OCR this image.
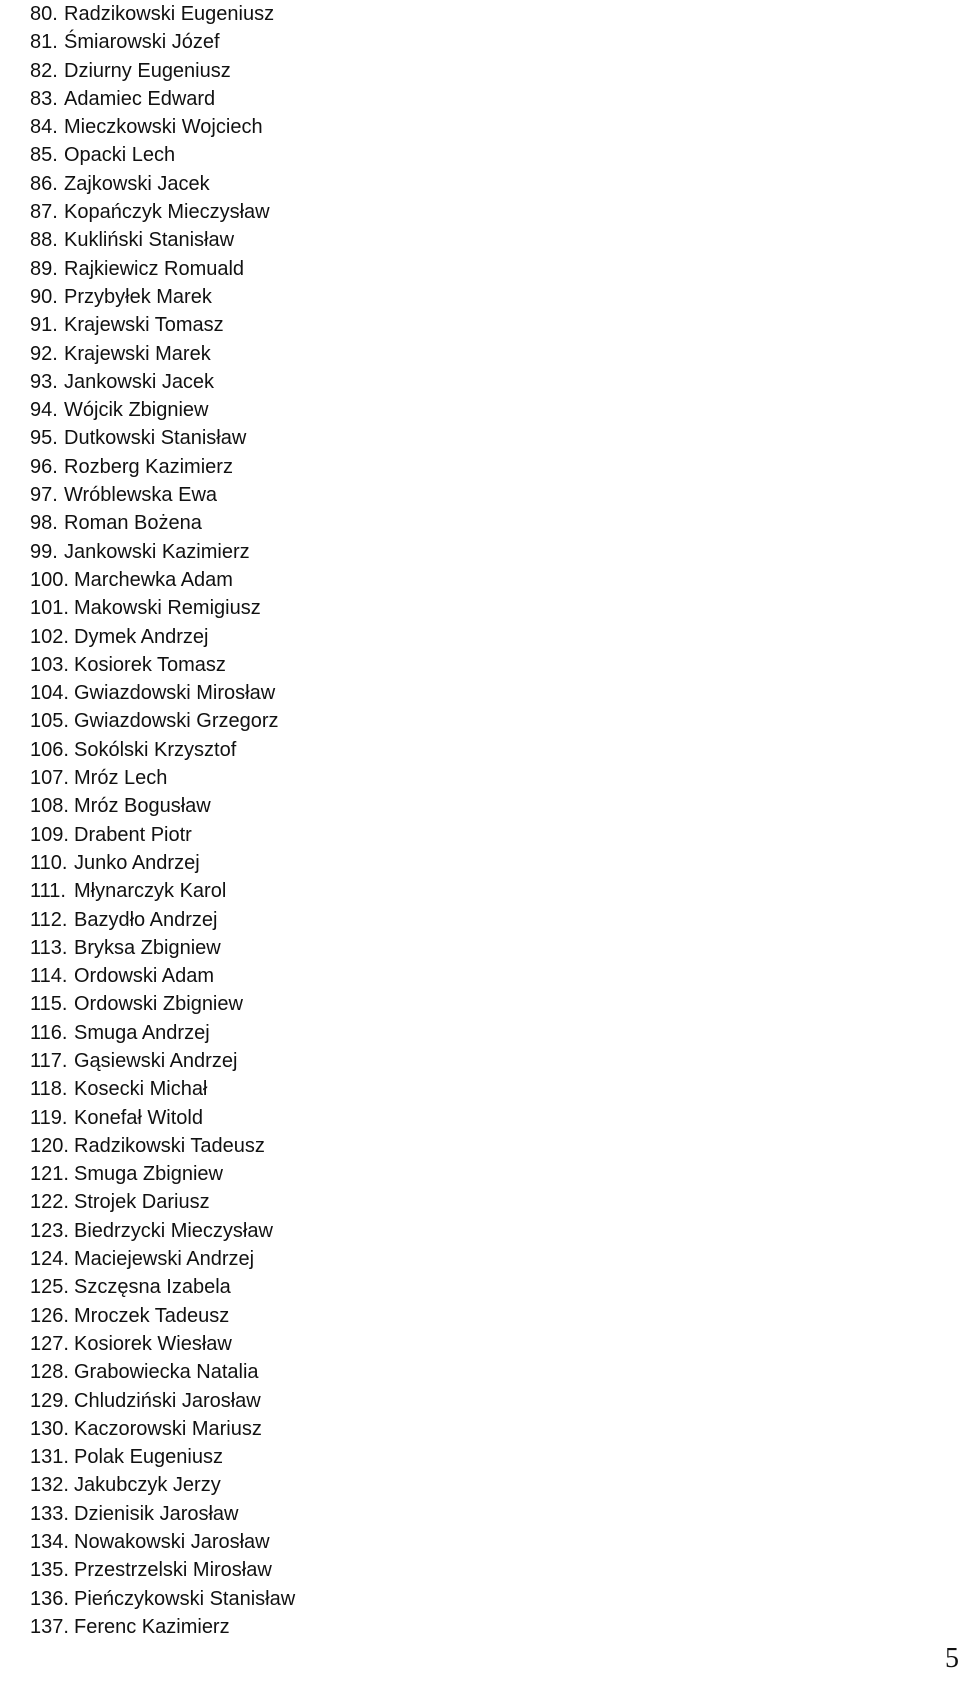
80. Radzikowski Eugeniusz
81. Śmiarowski Józef
82. Dziurny Eugeniusz
83. Adamiec Edward
84. Mieczkowski Wojciech
85. Opacki Lech
86. Zajkowski Jacek
87. Kopańczyk Mieczysław
88. Kukliński Stanisław
89. Rajkiewicz Romuald
90. Przybyłek Marek
91. Krajewski Tomasz
92. Krajewski Marek
93. Jankowski Jacek
94. Wójcik Zbigniew
95. Dutkowski Stanisław
96. Rozberg Kazimierz
97. Wróblewska Ewa
98. Roman Bożena
99. Jankowski Kazimierz
100. Marchewka Adam
101. Makowski Remigiusz
102. Dymek Andrzej
103. Kosiorek Tomasz
104. Gwiazdowski Mirosław
105. Gwiazdowski Grzegorz
106. Sokólski Krzysztof
107. Mróz Lech
108. Mróz Bogusław
109. Drabent Piotr
110. Junko Andrzej
111. Młynarczyk Karol
112. Bazydło Andrzej
113. Bryksa Zbigniew
114. Ordowski Adam
115. Ordowski Zbigniew
116. Smuga Andrzej
117. Gąsiewski Andrzej
118. Kosecki Michał
119. Konefał Witold
120. Radzikowski Tadeusz
121. Smuga Zbigniew
122. Strojek Dariusz
123. Biedrzycki Mieczysław
124. Maciejewski Andrzej
125. Szczęsna Izabela
126. Mroczek Tadeusz
127. Kosiorek Wiesław
128. Grabowiecka Natalia
129. Chludziński Jarosław
130. Kaczorowski Mariusz
131. Polak Eugeniusz
132. Jakubczyk Jerzy
133. Dzienisik Jarosław
134. Nowakowski Jarosław
135. Przestrzelski Mirosław
136. Pieńczykowski Stanisław
137. Ferenc Kazimierz
5
